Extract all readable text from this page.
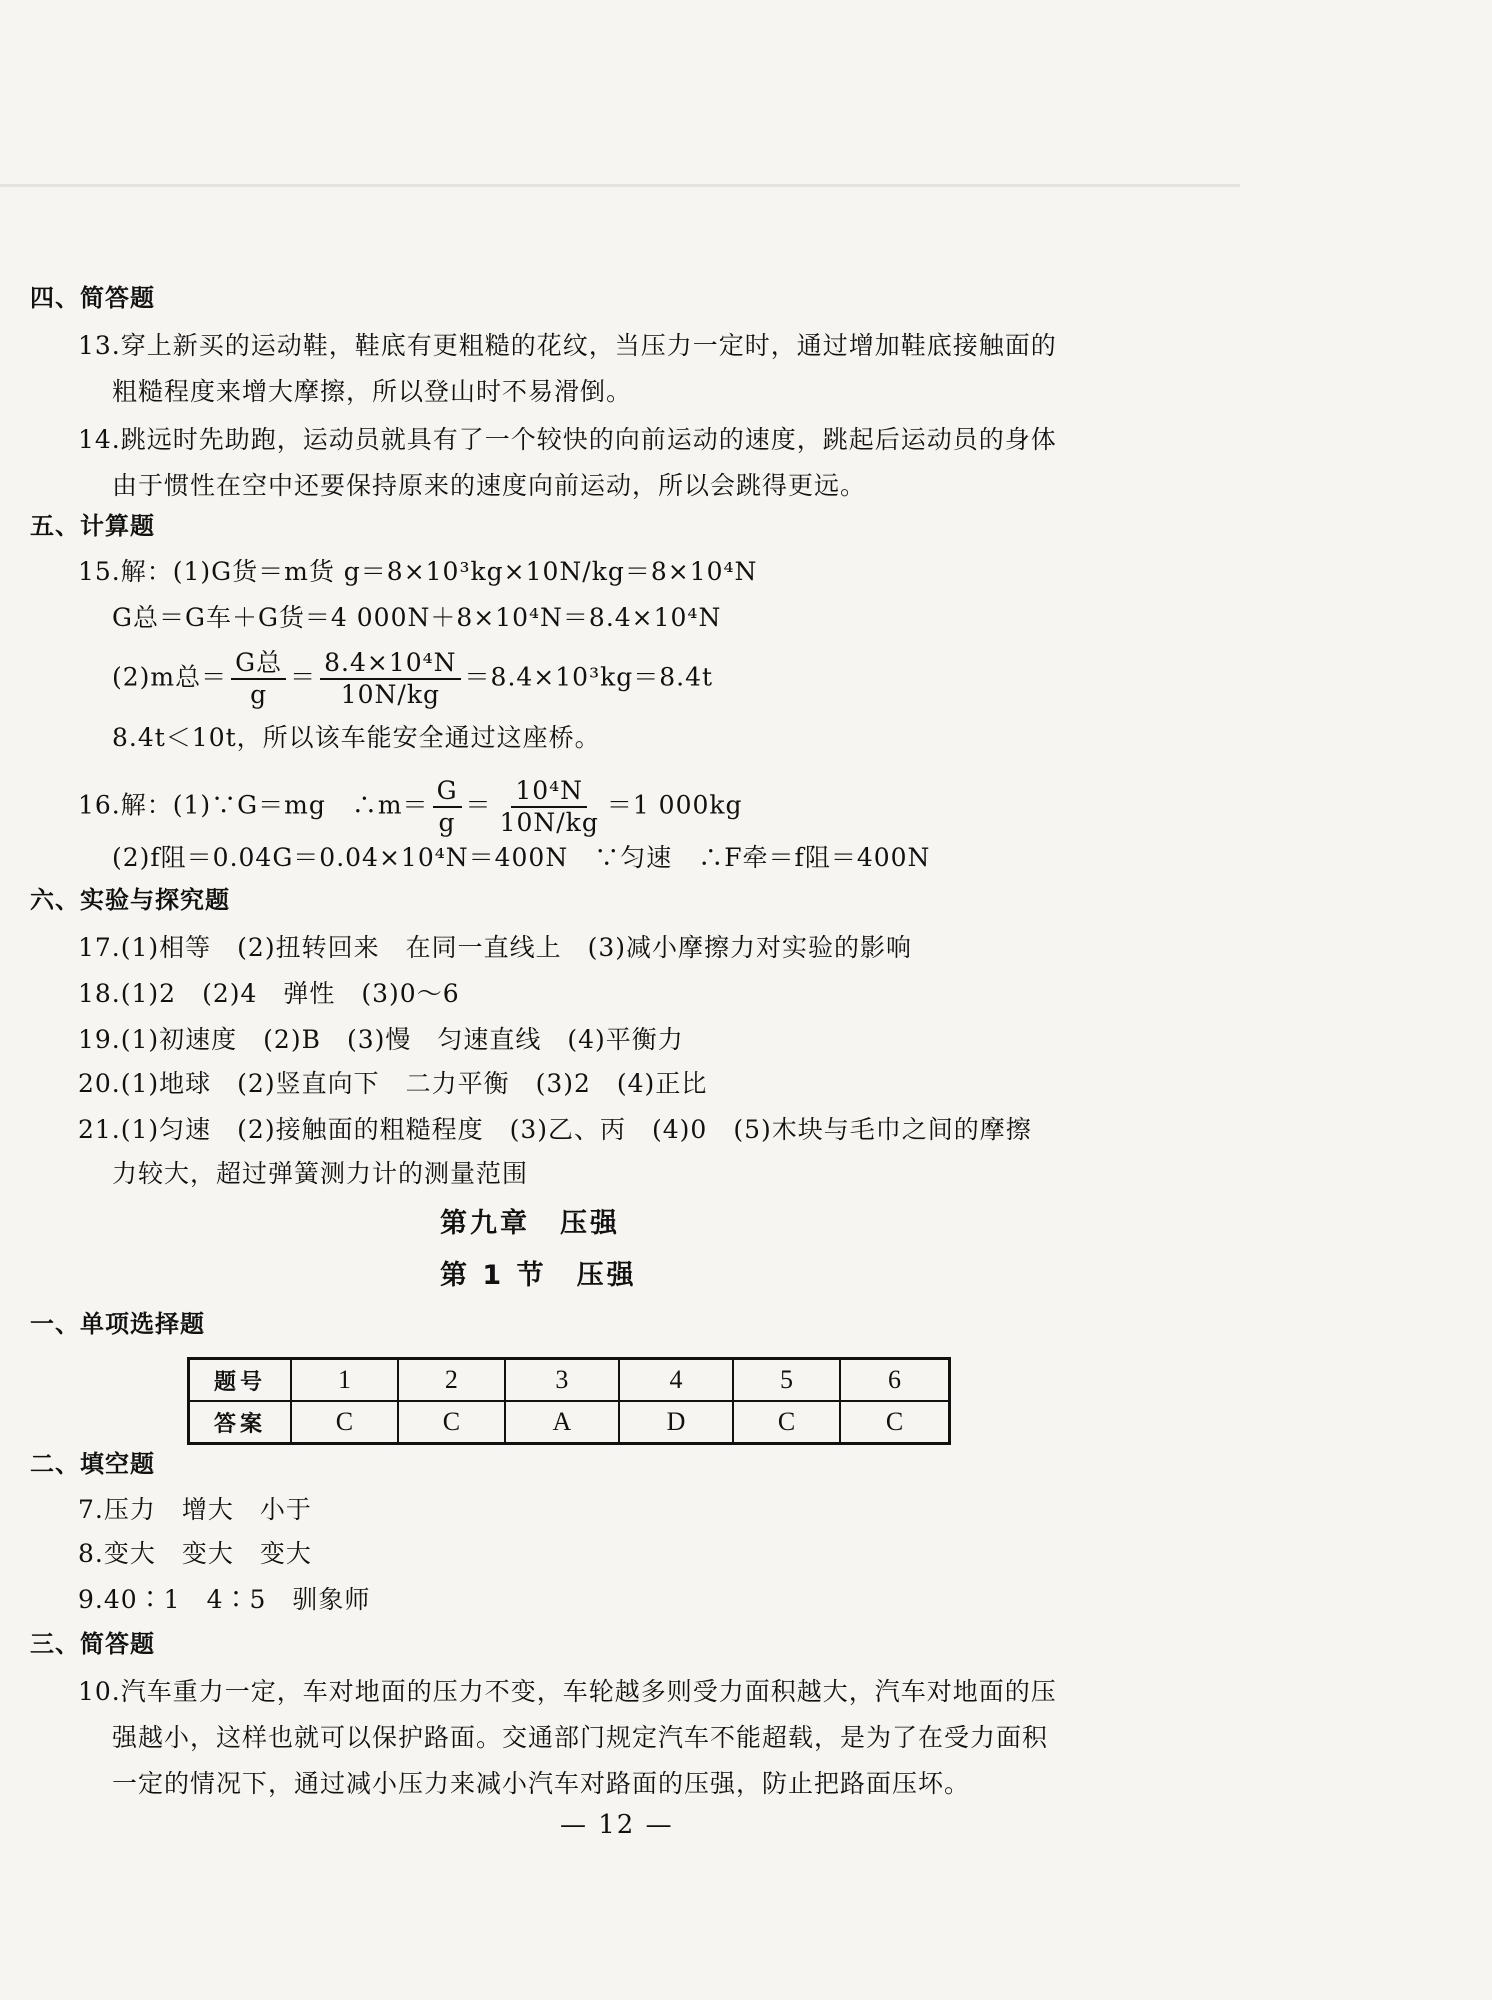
四、简答题
13.穿上新买的运动鞋，鞋底有更粗糙的花纹，当压力一定时，通过增加鞋底接触面的
粗糙程度来增大摩擦，所以登山时不易滑倒。
14.跳远时先助跑，运动员就具有了一个较快的向前运动的速度，跳起后运动员的身体
由于惯性在空中还要保持原来的速度向前运动，所以会跳得更远。
五、计算题
15.解：(1)G货＝m货 g＝8×10³kg×10N/kg＝8×10⁴N
G总＝G车＋G货＝4 000N＋8×10⁴N＝8.4×10⁴N
(2)m总＝ $\frac{\text{G总}}{g} = \frac{\text{8.4×10⁴N}}{10N/kg} =8.4\times 10^3kg=8.4t$
8.4t＜10t，所以该车能安全通过这座桥。
16.解：(1)∵G＝mg　∴m＝ $\frac{G}{g} = \frac{\text{10⁴N}}{10N/kg} =1$ 000kg
(2)f阻＝0.04G＝0.04×10⁴N＝400N　∵匀速　∴F牵＝f阻＝400N
六、实验与探究题
17.(1)相等　(2)扭转回来　在同一直线上　(3)减小摩擦力对实验的影响
18.(1)2　(2)4　弹性　(3)0～6
19.(1)初速度　(2)B　(3)慢　匀速直线　(4)平衡力
20.(1)地球　(2)竖直向下　二力平衡　(3)2　(4)正比
21.(1)匀速　(2)接触面的粗糙程度　(3)乙、丙　(4)0　(5)木块与毛巾之间的摩擦
力较大，超过弹簧测力计的测量范围
第九章　压强
第 1 节　压强
一、单项选择题
题号	1	2	3	4	5	6
答案	C	C	A	D	C	C
二、填空题
7.压力　增大　小于
8.变大　变大　变大
9.40∶1　4∶5　驯象师
三、简答题
10.汽车重力一定，车对地面的压力不变，车轮越多则受力面积越大，汽车对地面的压
强越小，这样也就可以保护路面。交通部门规定汽车不能超载，是为了在受力面积
一定的情况下，通过减小压力来减小汽车对路面的压强，防止把路面压坏。
— 12 —
